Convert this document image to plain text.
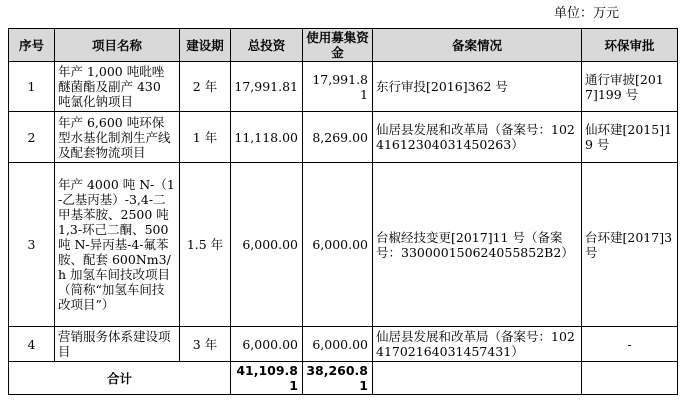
单位：万元
序号	项目名称	建设期	总投资	使用募集资金	备案情况	环保审批
1	年产 1,000 吨吡唑醚菌酯及副产 430 吨氯化钠项目	2 年	17,991.81	17,991.81	东行审投[2016]362 号	通行审披[2017]199 号
2	年产 6,600 吨环保型水基化制剂生产线及配套物流项目	1 年	11,118.00	8,269.00	仙居县发展和改革局（备案号：10241612304031450263）	仙环建[2015]19 号
3	年产 4000 吨 N-（1-乙基丙基）-3,4-二甲基苯胺、2500 吨 1,3-环己二酮、500 吨 N-异丙基-4-氟苯胺、配套 600Nm3/h 加氢车间技改项目（简称“加氢车间技改项目”）	1.5 年	6,000.00	6,000.00	台椒经技变更[2017]11 号（备案号：330000150624055852B2）	台环建[2017]3 号
4	营销服务体系建设项目	3 年	6,000.00	6,000.00	仙居县发展和改革局（备案号：10241702164031457431）	-
合计			41,109.81	38,260.81		
